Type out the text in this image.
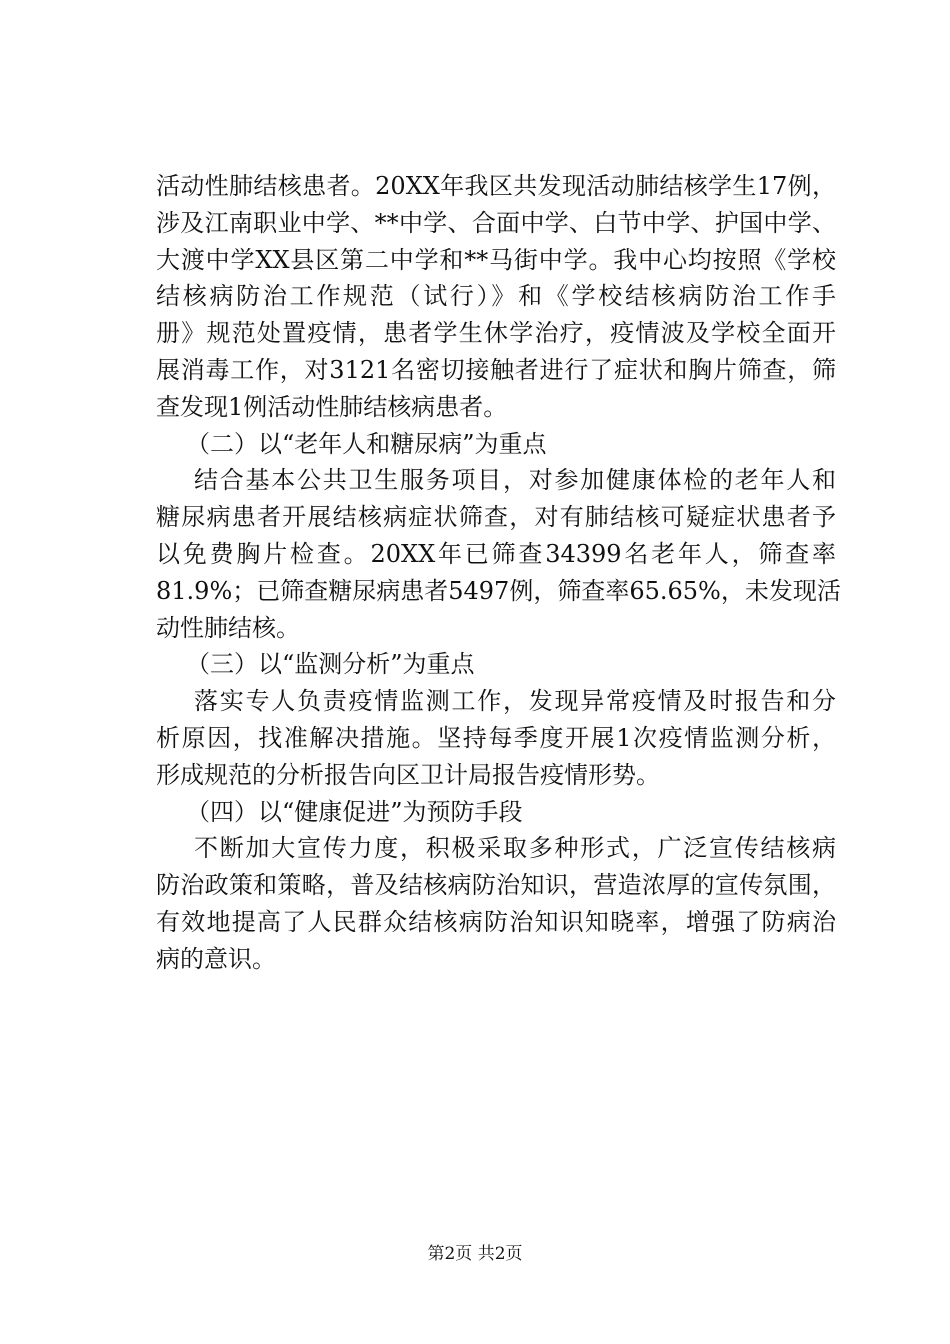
活动性肺结核患者。20XX年我区共发现活动肺结核学生17例，
涉及江南职业中学、**中学、合面中学、白节中学、护国中学、
大渡中学XX县区第二中学和**马街中学。我中心均按照《学校
结核病防治工作规范（试行）》和《学校结核病防治工作手
册》规范处置疫情，患者学生休学治疗，疫情波及学校全面开
展消毒工作，对3121名密切接触者进行了症状和胸片筛查，筛
查发现1例活动性肺结核病患者。
（二）以“老年人和糖尿病”为重点
结合基本公共卫生服务项目，对参加健康体检的老年人和
糖尿病患者开展结核病症状筛查，对有肺结核可疑症状患者予
以免费胸片检查。20XX年已筛查34399名老年人，筛查率
81.9%；已筛查糖尿病患者5497例，筛查率65.65%，未发现活
动性肺结核。
（三）以“监测分析”为重点
落实专人负责疫情监测工作，发现异常疫情及时报告和分
析原因，找准解决措施。坚持每季度开展1次疫情监测分析，
形成规范的分析报告向区卫计局报告疫情形势。
（四）以“健康促进”为预防手段
不断加大宣传力度，积极采取多种形式，广泛宣传结核病
防治政策和策略，普及结核病防治知识，营造浓厚的宣传氛围，
有效地提高了人民群众结核病防治知识知晓率，增强了防病治
病的意识。
第2页 共2页
